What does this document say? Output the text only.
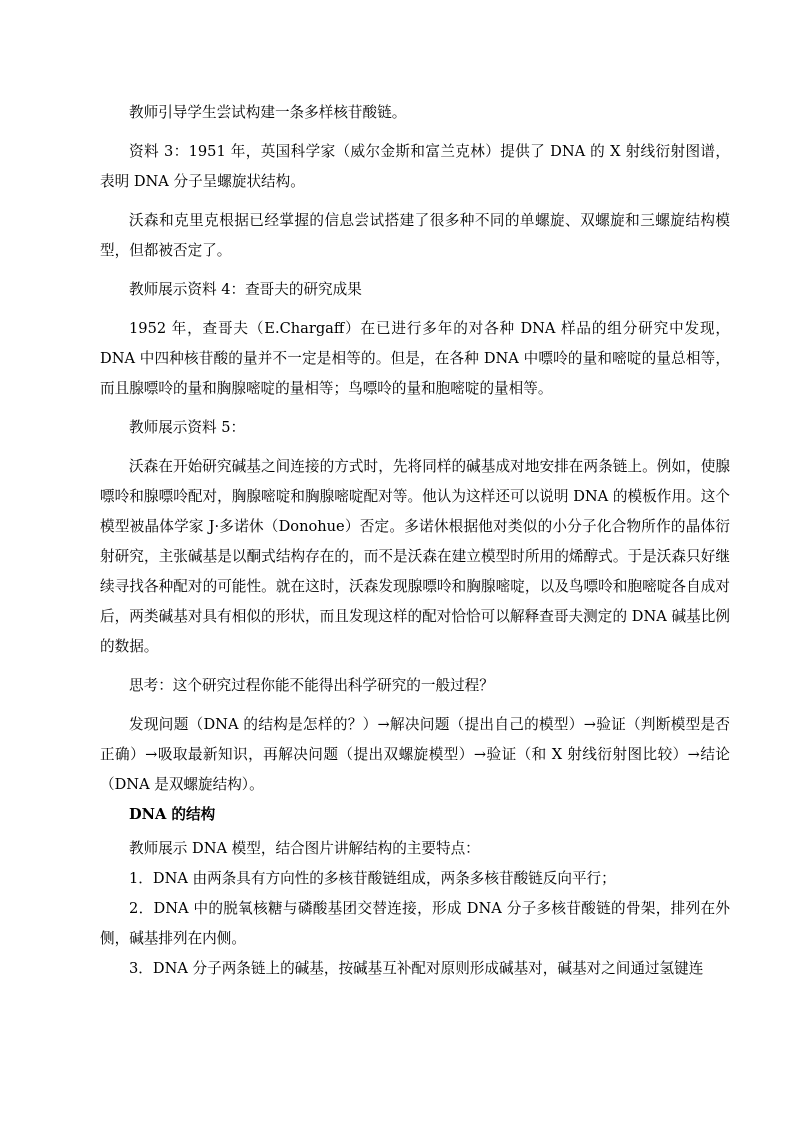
教师引导学生尝试构建一条多样核苷酸链。

资料 3：1951 年，英国科学家（威尔金斯和富兰克林）提供了 DNA 的 X 射线衍射图谱，表明 DNA 分子呈螺旋状结构。

沃森和克里克根据已经掌握的信息尝试搭建了很多种不同的单螺旋、双螺旋和三螺旋结构模型，但都被否定了。

教师展示资料 4：查哥夫的研究成果

1952 年，查哥夫（E.Chargaff）在已进行多年的对各种 DNA 样品的组分研究中发现，DNA 中四种核苷酸的量并不一定是相等的。但是，在各种 DNA 中嘌呤的量和嘧啶的量总相等，而且腺嘌呤的量和胸腺嘧啶的量相等；鸟嘌呤的量和胞嘧啶的量相等。

教师展示资料 5：

沃森在开始研究碱基之间连接的方式时，先将同样的碱基成对地安排在两条链上。例如，使腺嘌呤和腺嘌呤配对，胸腺嘧啶和胸腺嘧啶配对等。他认为这样还可以说明 DNA 的模板作用。这个模型被晶体学家 J·多诺休（Donohue）否定。多诺休根据他对类似的小分子化合物所作的晶体衍射研究，主张碱基是以酮式结构存在的，而不是沃森在建立模型时所用的烯醇式。于是沃森只好继续寻找各种配对的可能性。就在这时，沃森发现腺嘌呤和胸腺嘧啶，以及鸟嘌呤和胞嘧啶各自成对后，两类碱基对具有相似的形状，而且发现这样的配对恰恰可以解释查哥夫测定的 DNA 碱基比例的数据。

思考：这个研究过程你能不能得出科学研究的一般过程？

发现问题（DNA 的结构是怎样的？）→解决问题（提出自己的模型）→验证（判断模型是否正确）→吸取最新知识，再解决问题（提出双螺旋模型）→验证（和 X 射线衍射图比较）→结论（DNA 是双螺旋结构）。

DNA 的结构

教师展示 DNA 模型，结合图片讲解结构的主要特点：

1．DNA 由两条具有方向性的多核苷酸链组成，两条多核苷酸链反向平行；

2．DNA 中的脱氧核糖与磷酸基团交替连接，形成 DNA 分子多核苷酸链的骨架，排列在外侧，碱基排列在内侧。

3．DNA 分子两条链上的碱基，按碱基互补配对原则形成碱基对，碱基对之间通过氢键连
